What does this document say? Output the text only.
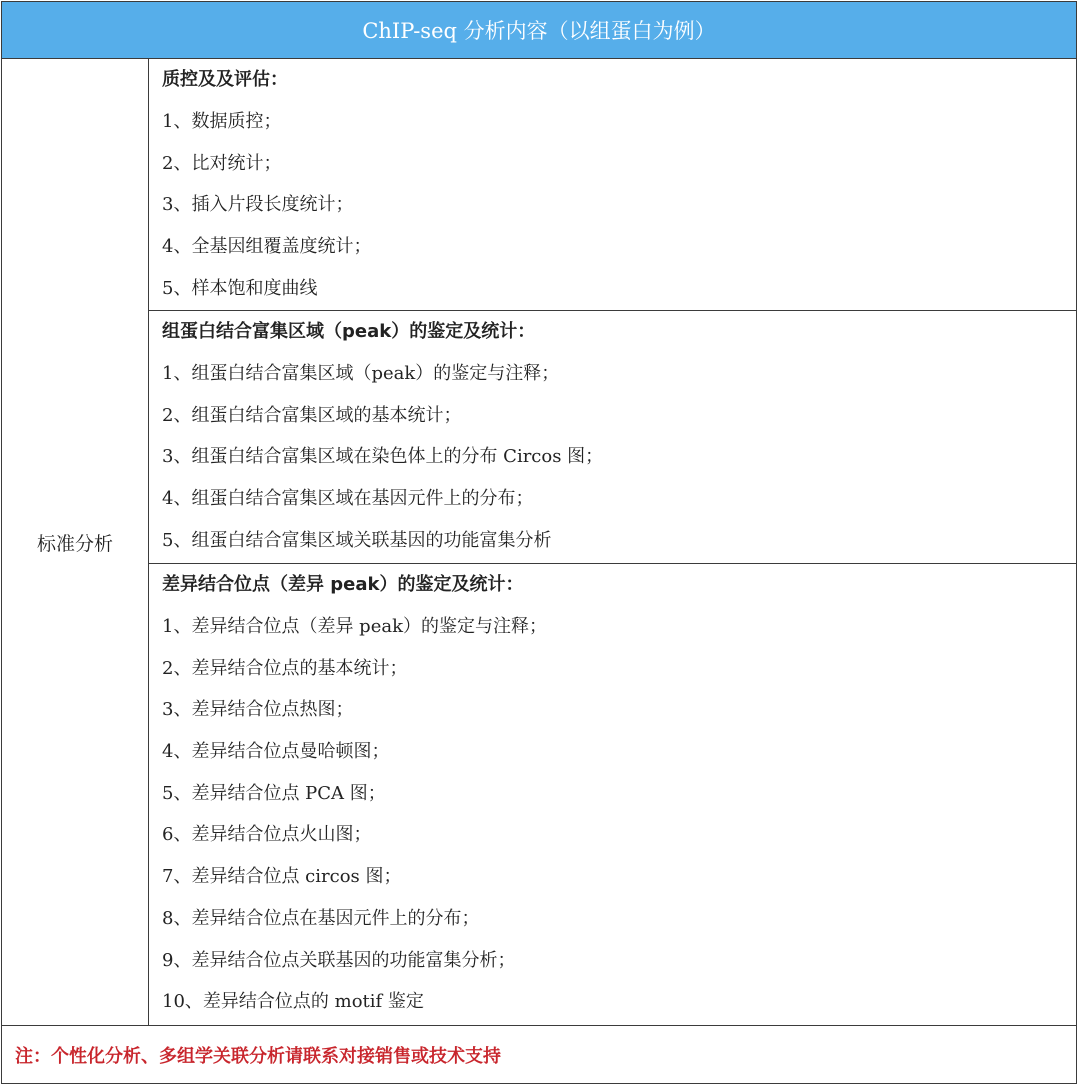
ChIP-seq 分析内容（以组蛋白为例）
标准分析
质控及及评估：
1、数据质控；
2、比对统计；
3、插入片段长度统计；
4、全基因组覆盖度统计；
5、样本饱和度曲线
组蛋白结合富集区域（peak）的鉴定及统计：
1、组蛋白结合富集区域（peak）的鉴定与注释；
2、组蛋白结合富集区域的基本统计；
3、组蛋白结合富集区域在染色体上的分布 Circos 图；
4、组蛋白结合富集区域在基因元件上的分布；
5、组蛋白结合富集区域关联基因的功能富集分析
差异结合位点（差异 peak）的鉴定及统计：
1、差异结合位点（差异 peak）的鉴定与注释；
2、差异结合位点的基本统计；
3、差异结合位点热图；
4、差异结合位点曼哈顿图；
5、差异结合位点 PCA 图；
6、差异结合位点火山图；
7、差异结合位点 circos 图；
8、差异结合位点在基因元件上的分布；
9、差异结合位点关联基因的功能富集分析；
10、差异结合位点的 motif 鉴定
注：个性化分析、多组学关联分析请联系对接销售或技术支持
